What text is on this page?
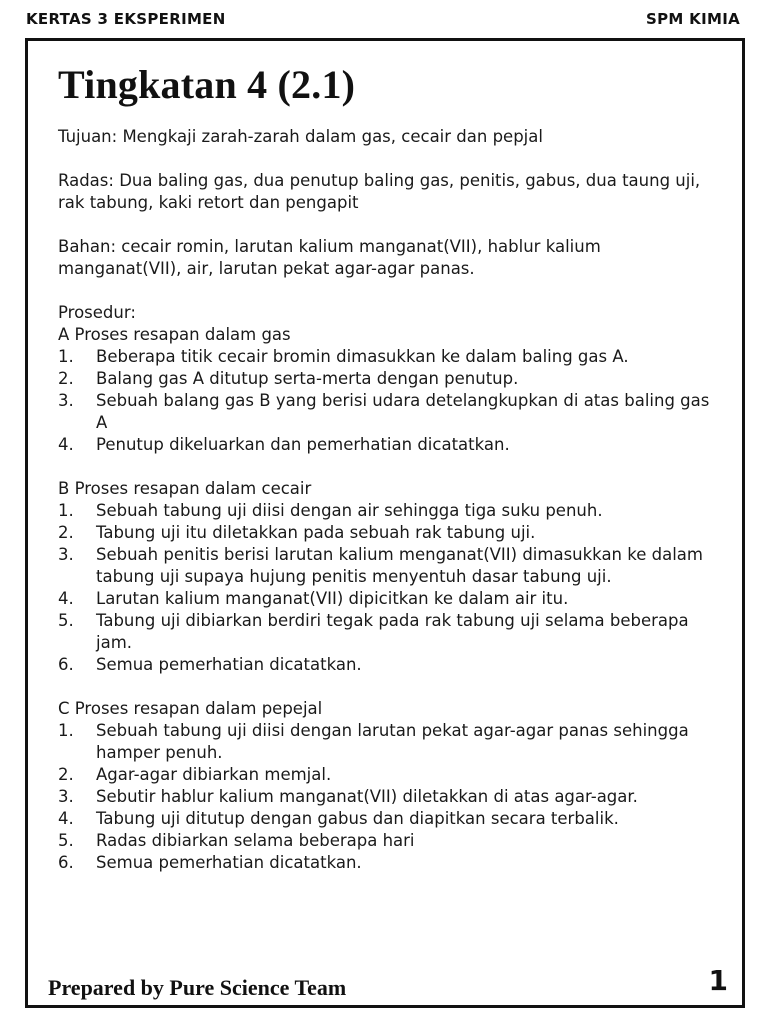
KERTAS 3 EKSPERIMEN	SPM KIMIA
Tingkatan 4 (2.1)

Tujuan: Mengkaji zarah-zarah dalam gas, cecair dan pepjal

Radas: Dua baling gas, dua penutup baling gas, penitis, gabus, dua taung uji, rak tabung, kaki retort dan pengapit

Bahan: cecair romin, larutan kalium manganat(VII), hablur kalium manganat(VII), air, larutan pekat agar-agar panas.

Prosedur:

A Proses resapan dalam gas

1. Beberapa titik cecair bromin dimasukkan ke dalam baling gas A.
2. Balang gas A ditutup serta-merta dengan penutup.
3. Sebuah balang gas B yang berisi udara detelangkupkan di atas baling gas A
4. Penutup dikeluarkan dan pemerhatian dicatatkan.

B Proses resapan dalam cecair

1. Sebuah tabung uji diisi dengan air sehingga tiga suku penuh.
2. Tabung uji itu diletakkan pada sebuah rak tabung uji.
3. Sebuah penitis berisi larutan kalium menganat(VII) dimasukkan ke dalam tabung uji supaya hujung penitis menyentuh dasar tabung uji.
4. Larutan kalium manganat(VII) dipicitkan ke dalam air itu.
5. Tabung uji dibiarkan berdiri tegak pada rak tabung uji selama beberapa jam.
6. Semua pemerhatian dicatatkan.

C Proses resapan dalam pepejal

1. Sebuah tabung uji diisi dengan larutan pekat agar-agar panas sehingga hamper penuh.
2. Agar-agar dibiarkan memjal.
3. Sebutir hablur kalium manganat(VII) diletakkan di atas agar-agar.
4. Tabung uji ditutup dengan gabus dan diapitkan secara terbalik.
5. Radas dibiarkan selama beberapa hari
6. Semua pemerhatian dicatatkan.
Prepared by Pure Science Team	1
